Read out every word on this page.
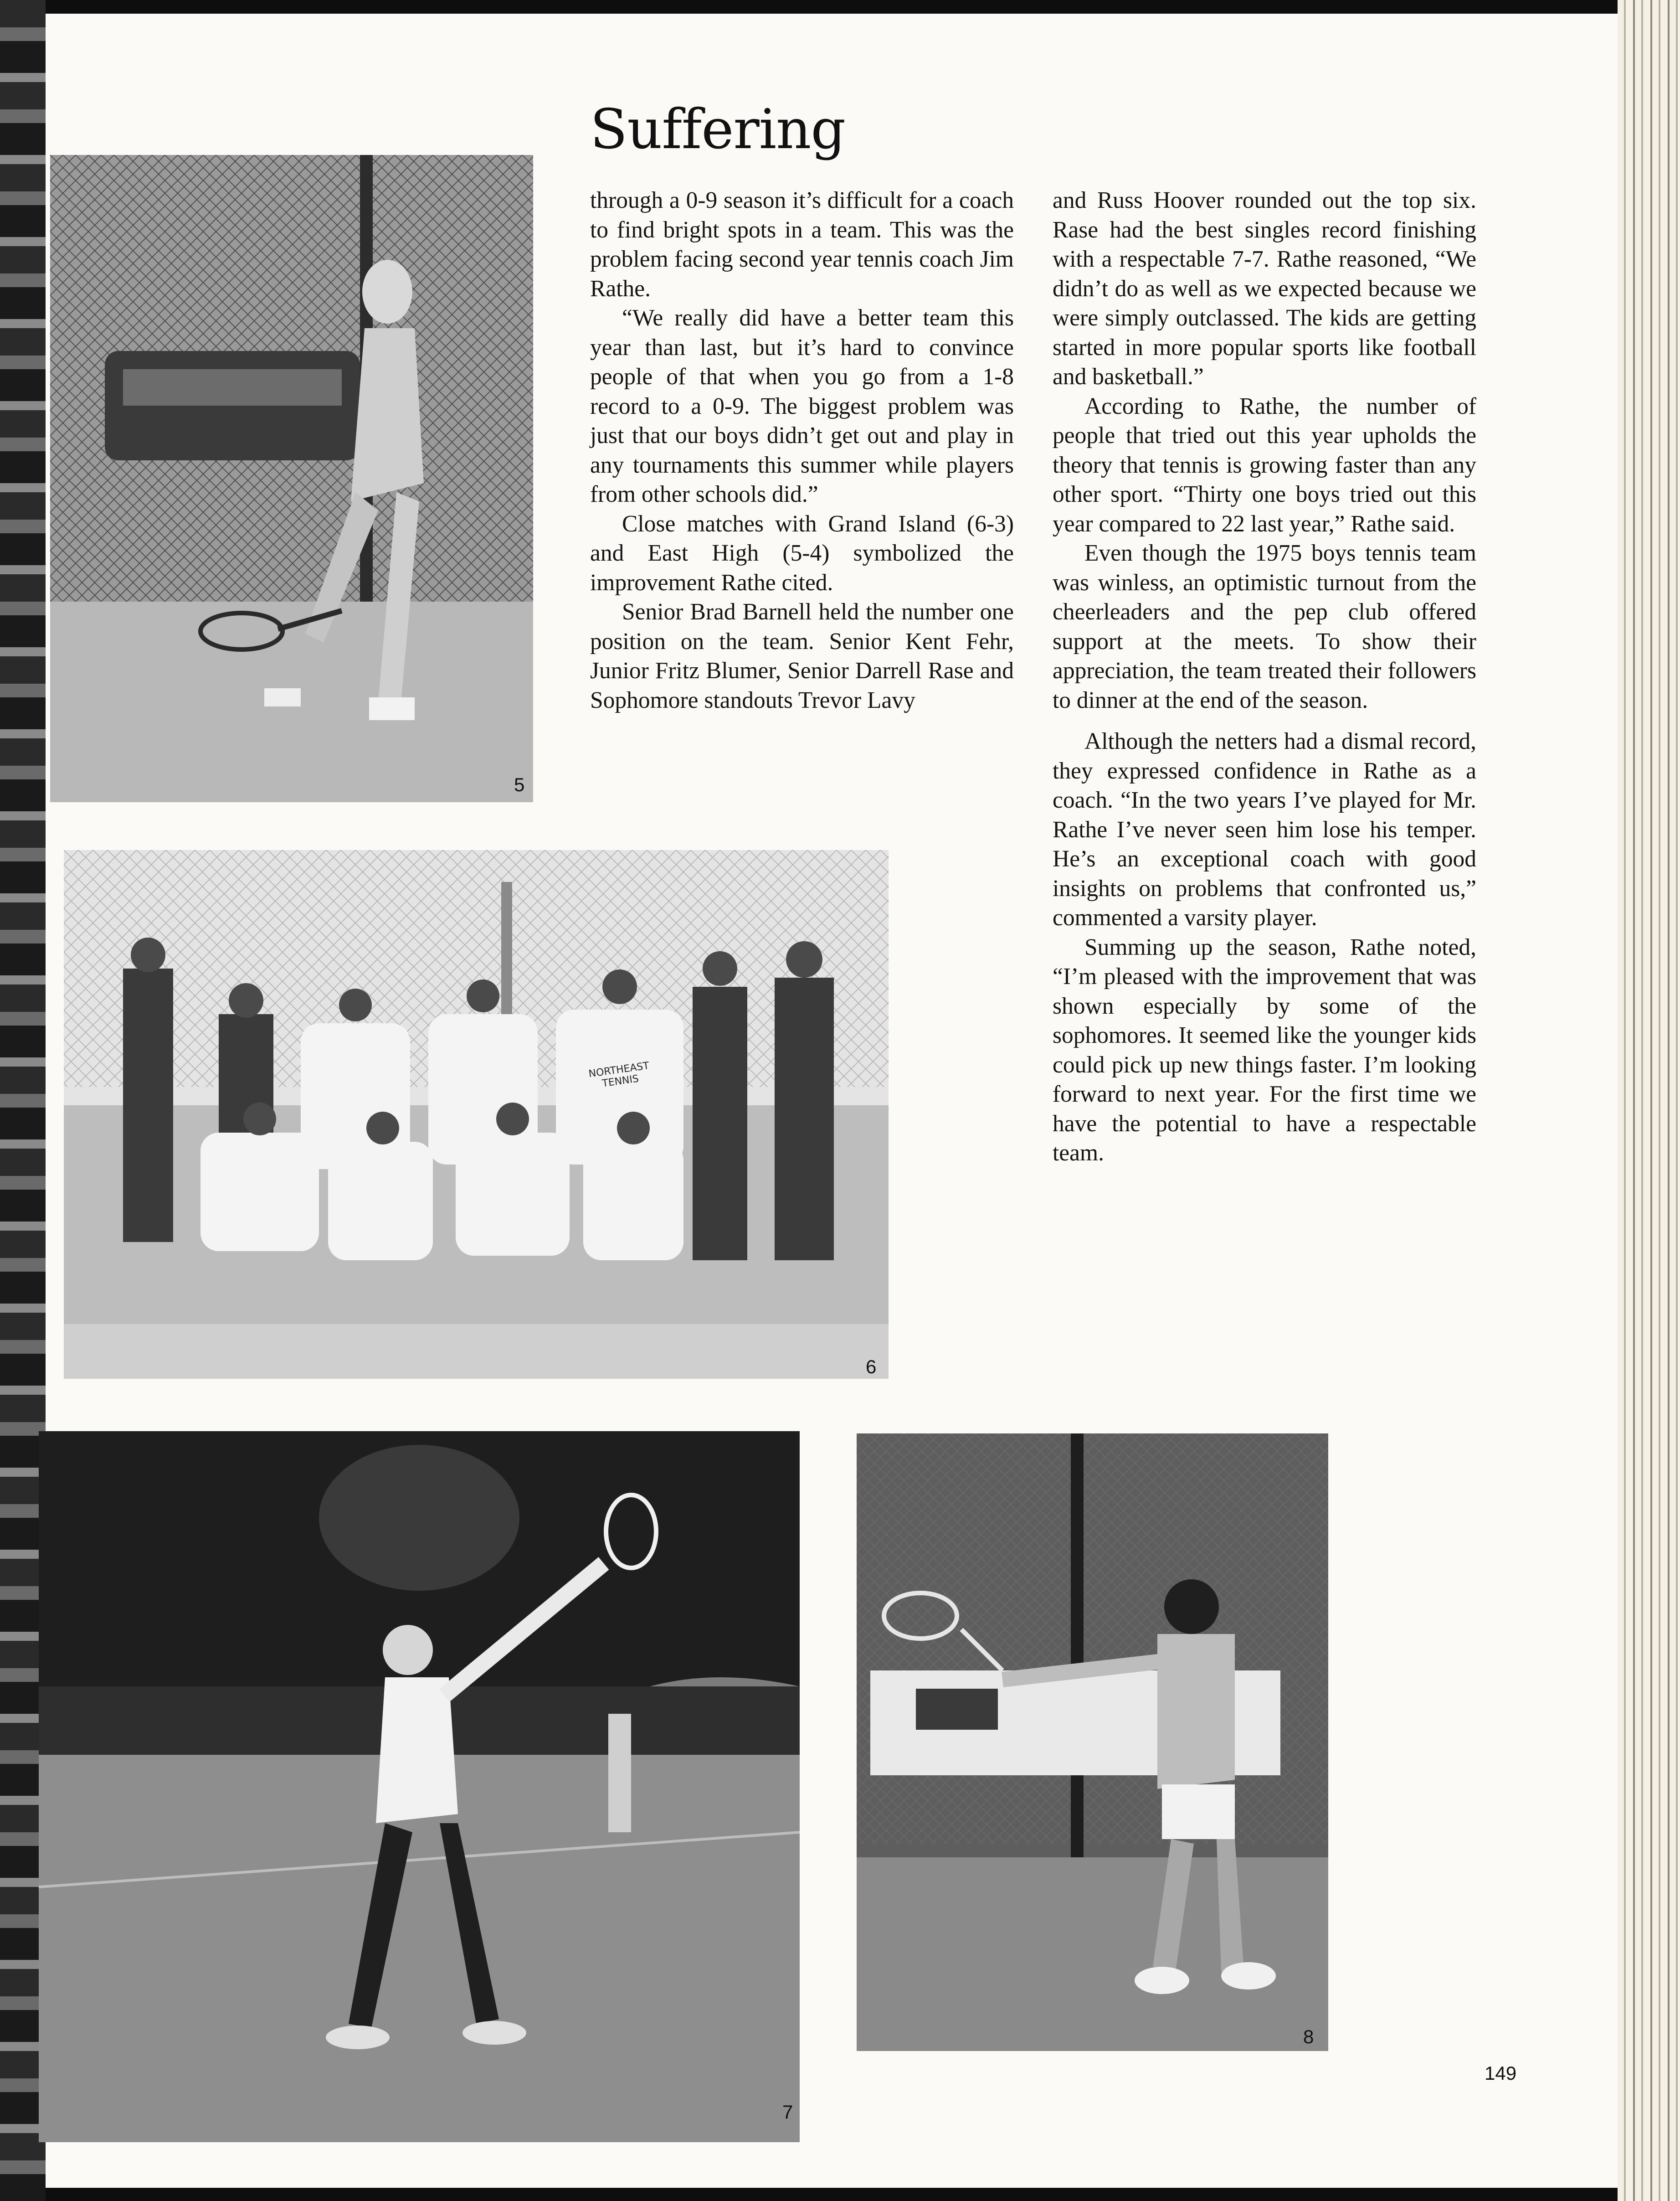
5
Suffering

through a 0-9 season it’s difficult for a coach to find bright spots in a team. This was the problem facing second year tennis coach Jim Rathe.

“We really did have a better team this year than last, but it’s hard to convince people of that when you go from a 1-8 record to a 0-9. The biggest problem was just that our boys didn’t get out and play in any tournaments this summer while players from other schools did.”

Close matches with Grand Island (6-3) and East High (5-4) symbolized the improvement Rathe cited.

Senior Brad Barnell held the number one position on the team. Senior Kent Fehr, Junior Fritz Blumer, Senior Darrell Rase and Sophomore standouts Trevor Lavy

and Russ Hoover rounded out the top six. Rase had the best singles record finishing with a respectable 7-7. Rathe reasoned, “We didn’t do as well as we expected because we were simply outclassed. The kids are getting started in more popular sports like football and basketball.”

According to Rathe, the number of people that tried out this year upholds the theory that tennis is growing faster than any other sport. “Thirty one boys tried out this year compared to 22 last year,” Rathe said.

Even though the 1975 boys tennis team was winless, an optimistic turnout from the cheerleaders and the pep club offered support at the meets. To show their appreciation, the team treated their followers to dinner at the end of the season.

Although the netters had a dismal record, they expressed confidence in Rathe as a coach. “In the two years I’ve played for Mr. Rathe I’ve never seen him lose his temper. He’s an exceptional coach with good insights on problems that confronted us,” commented a varsity player.

Summing up the season, Rathe noted, “I’m pleased with the improvement that was shown especially by some of the sophomores. It seemed like the younger kids could pick up new things faster. I’m looking forward to next year. For the first time we have the potential to have a respectable team.

NORTHEAST TENNIS
6
7
8
149
